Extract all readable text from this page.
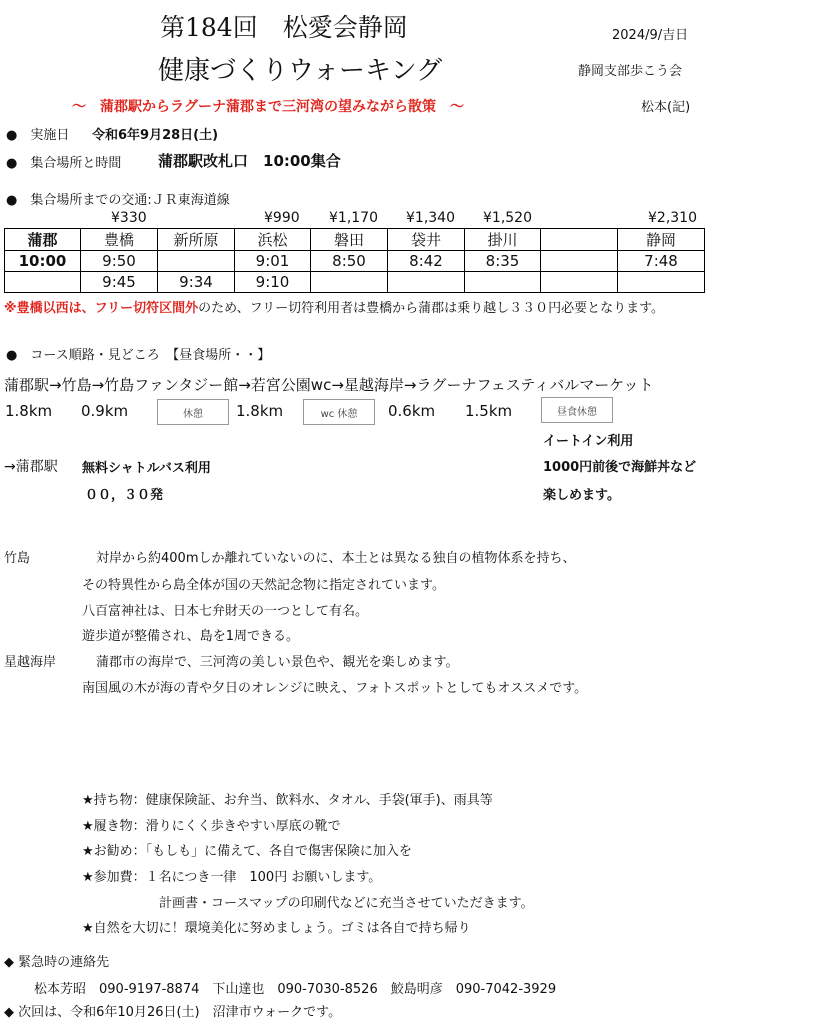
第184回　松愛会静岡	2024/9/吉日
健康づくりウォーキング	静岡支部歩こう会
～　蒲郡駅からラグーナ蒲郡まで三河湾の望みながら散策　～	松本(記)
●　実施日 令和6年9月28日(土)
●　集合場所と時間 蒲郡駅改札口　10:00集合
●　集合場所までの交通:ＪＲ東海道線
¥330	¥990 ¥1,170 ¥1,340 ¥1,520	¥2,310
蒲郡	豊橋	新所原	浜松	磐田	袋井	掛川		静岡
10:00	9:50		9:01	8:50	8:42	8:35		7:48
	9:45	9:34	9:10					
※豊橋以西は、フリー切符区間外のため、フリー切符利用者は豊橋から蒲郡は乗り越し３３０円必要となります。
●　コース順路・見どころ　【昼食場所・・】
蒲郡駅→竹島→竹島ファンタジー館→若宮公園wc→星越海岸→ラグーナフェスティバルマーケット
1.8km 0.9km	休憩	1.8km	wc 休憩	0.6km 1.5km	昼食休憩
イートイン利用
1000円前後で海鮮丼など
楽しめます。
→蒲郡駅 無料シャトルバス利用
００，３０発
竹島	対岸から約400mしか離れていないのに、本土とは異なる独自の植物体系を持ち、
その特異性から島全体が国の天然記念物に指定されています。
八百富神社は、日本七弁財天の一つとして有名。
遊歩道が整備され、島を1周できる。
星越海岸	蒲郡市の海岸で、三河湾の美しい景色や、観光を楽しめます。
南国風の木が海の青や夕日のオレンジに映え、フォトスポットとしてもオススメです。
★持ち物：健康保険証、お弁当、飲料水、タオル、手袋(軍手)、雨具等
★履き物：滑りにくく歩きやすい厚底の靴で
★お勧め：「もしも」に備えて、各自で傷害保険に加入を
★参加費：１名につき一律　100円 お願いします。
計画書・コースマップの印刷代などに充当させていただきます。
★自然を大切に！環境美化に努めましょう。ゴミは各自で持ち帰り
◆ 緊急時の連絡先
松本芳昭　090-9197-8874　下山達也　090-7030-8526　鮫島明彦　090-7042-3929
◆ 次回は、令和6年10月26日(土)　沼津市ウォークです。
